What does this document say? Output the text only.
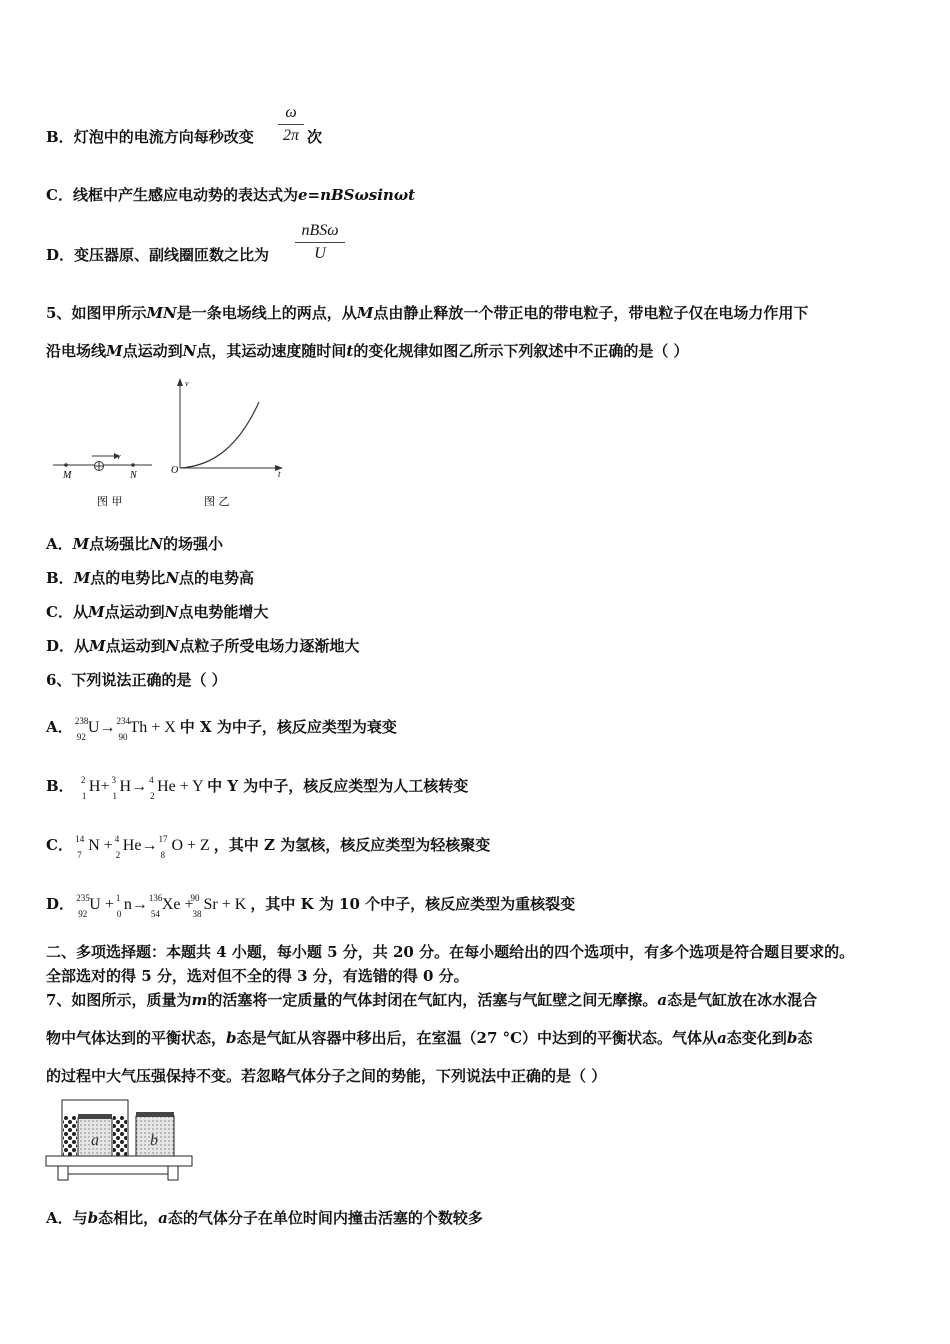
B．灯泡中的电流方向每秒改变 $\frac{\omega}{2\pi}$ 次
C．线框中产生感应电动势的表达式为e=nBSωsinωt
D．变压器原、副线圈匝数之比为
nBSω
U
5、如图甲所示MN是一条电场线上的两点，从M点由静止释放一个带正电的带电粒子，带电粒子仅在电场力作用下
沿电场线M点运动到N点，其运动速度随时间t的变化规律如图乙所示下列叙述中不正确的是（ ）
M	N
v
图 甲
v
t
O
图 乙
A．M点场强比N的场强小
B．M点的电势比N点的电势高
C．从M点运动到N点电势能增大
D．从M点运动到N点粒子所受电场力逐渐地大
6、下列说法正确的是（ ）
A． 238
92
U→ 234
90
Th + X 中 X 为中子，核反应类型为衰变
B． 2
1
H+ 3
1
H→ 4
2
He + Y 中 Y 为中子，核反应类型为人工核转变
C． 14
7
N + 4
2
He→ 17
8
O + Z ，其中 Z 为氢核，核反应类型为轻核聚变
D． 235
92
U + 1
0
n→ 136
54
Xe +
90
38
Sr + K ，其中 K 为 10 个中子，核反应类型为重核裂变
二、多项选择题：本题共 4 小题，每小题 5 分，共 20 分。在每小题给出的四个选项中，有多个选项是符合题目要求的。
全部选对的得 5 分，选对但不全的得 3 分，有选错的得 0 分。
7、如图所示，质量为m的活塞将一定质量的气体封闭在气缸内，活塞与气缸壁之间无摩擦。a态是气缸放在冰水混合
物中气体达到的平衡状态，b态是气缸从容器中移出后，在室温（27 °C）中达到的平衡状态。气体从a态变化到b态
的过程中大气压强保持不变。若忽略气体分子之间的势能，下列说法中正确的是（ ）
a	b
A．与b态相比，a态的气体分子在单位时间内撞击活塞的个数较多
